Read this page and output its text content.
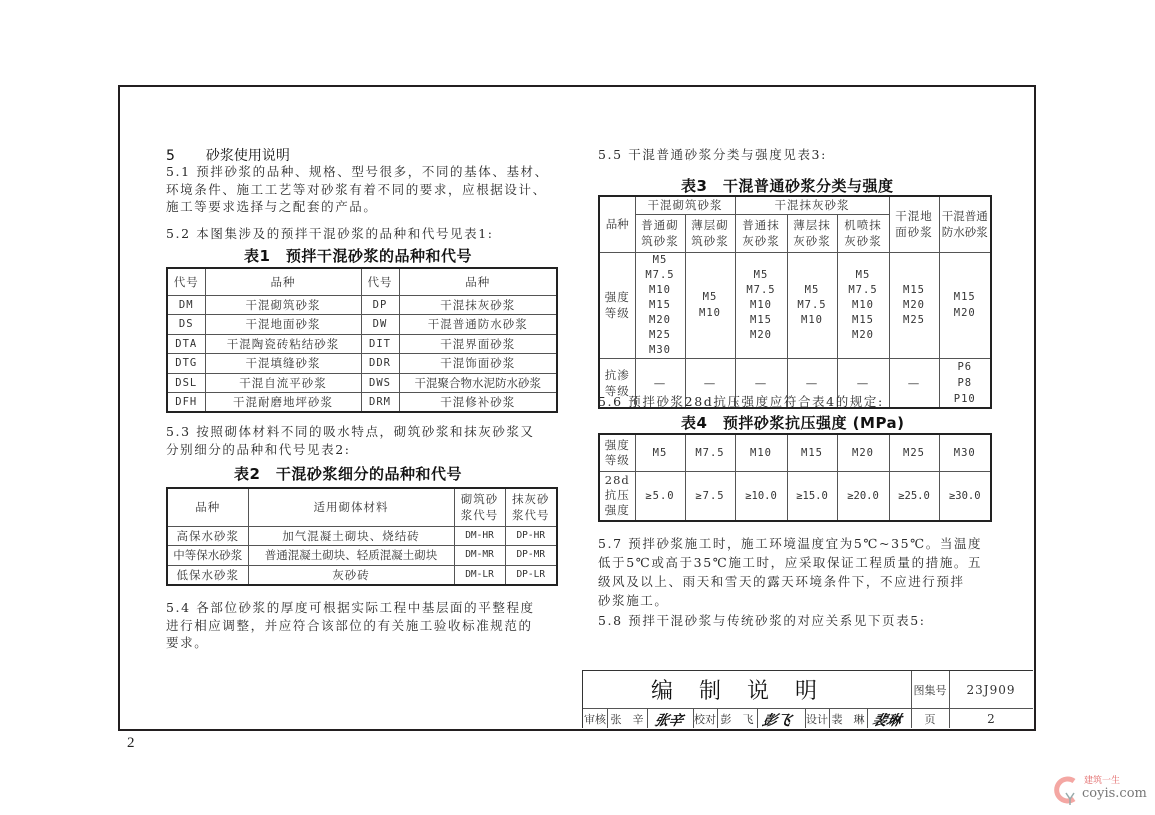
5 砂浆使用说明
5.1 预拌砂浆的品种、规格、型号很多，不同的基体、基材、
环境条件、施工工艺等对砂浆有着不同的要求，应根据设计、
施工等要求选择与之配套的产品。
5.2 本图集涉及的预拌干混砂浆的品种和代号见表1:
表1　预拌干混砂浆的品种和代号
代号	品种	代号	品种
DM	干混砌筑砂浆	DP	干混抹灰砂浆
DS	干混地面砂浆	DW	干混普通防水砂浆
DTA	干混陶瓷砖粘结砂浆	DIT	干混界面砂浆
DTG	干混填缝砂浆	DDR	干混饰面砂浆
DSL	干混自流平砂浆	DWS	干混聚合物水泥防水砂浆
DFH	干混耐磨地坪砂浆	DRM	干混修补砂浆
5.3 按照砌体材料不同的吸水特点，砌筑砂浆和抹灰砂浆又
分别细分的品种和代号见表2:
表2　干混砂浆细分的品种和代号
品种	适用砌体材料	砌筑砂浆代号	抹灰砂浆代号
高保水砂浆	加气混凝土砌块、烧结砖	DM-HR	DP-HR
中等保水砂浆	普通混凝土砌块、轻质混凝土砌块	DM-MR	DP-MR
低保水砂浆	灰砂砖	DM-LR	DP-LR
5.4 各部位砂浆的厚度可根据实际工程中基层面的平整程度
进行相应调整，并应符合该部位的有关施工验收标准规范的
要求。
5.5 干混普通砂浆分类与强度见表3:
表3　干混普通砂浆分类与强度
品种	干混砌筑砂浆		干混抹灰砂浆			干混地面砂浆	干混普通防水砂浆
	普通砌筑砂浆	薄层砌筑砂浆	普通抹灰砂浆	薄层抹灰砂浆	机喷抹灰砂浆		
强度等级	M5 M7.5 M10 M15 M20 M25 M30	M5 M10	M5 M7.5 M10 M15 M20	M5 M7.5 M10	M5 M7.5 M10 M15 M20	M15 M20 M25	M15 M20
抗渗等级	—	—	—	—	—	—	P6 P8 P10
5.6 预拌砂浆28d抗压强度应符合表4的规定:
表4　预拌砂浆抗压强度 (MPa)
强度等级	M5	M7.5	M10	M15	M20	M25	M30
28d抗压强度	≥5.0	≥7.5	≥10.0	≥15.0	≥20.0	≥25.0	≥30.0
5.7 预拌砂浆施工时，施工环境温度宜为5℃~35℃。当温度
低于5℃或高于35℃施工时，应采取保证工程质量的措施。五
级风及以上、雨天和雪天的露天环境条件下，不应进行预拌
砂浆施工。
5.8 预拌干混砂浆与传统砂浆的对应关系见下页表5:
编制说明	图集号	23J909
审核 张　辛 张辛 校对 彭　飞 彭飞 设计 裴　琳 裴琳	页	2
2
建筑一生
coyis.com
